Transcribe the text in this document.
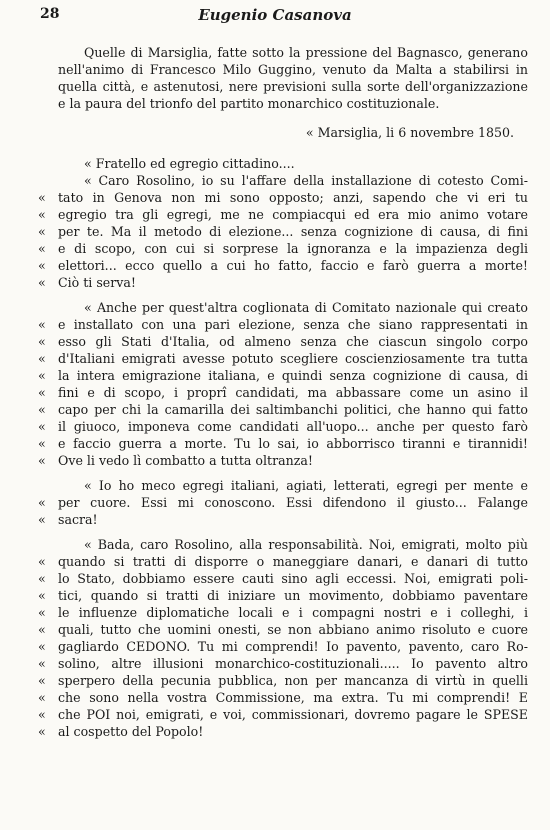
28	Eugenio Casanova
Quelle di Marsiglia, fatte sotto la pressione del Bagnasco, generano
nell'animo di Francesco Milo Guggino, venuto da Malta a stabilirsi in
quella città, e astenutosi, nere previsioni sulla sorte dell'organizzazione
e la paura del trionfo del partito monarchico costituzionale.
« Marsiglia, li 6 novembre 1850.
« Fratello ed egregio cittadino....
« Caro Rosolino, io su l'affare della installazione di cotesto Comi-
« tato in Genova non mi sono opposto; anzi, sapendo che vi eri tu
« egregio tra gli egregi, me ne compiacqui ed era mio animo votare
« per te. Ma il metodo di elezione... senza cognizione di causa, di fini
« e di scopo, con cui si sorprese la ignoranza e la impazienza degli
« elettori... ecco quello a cui ho fatto, faccio e farò guerra a morte!
« Ciò ti serva!
« Anche per quest'altra coglionata di Comitato nazionale qui creato
« e installato con una pari elezione, senza che siano rappresentati in
« esso gli Stati d'Italia, od almeno senza che ciascun singolo corpo
« d'Italiani emigrati avesse potuto scegliere coscienziosamente tra tutta
« la intera emigrazione italiana, e quindi senza cognizione di causa, di
« fini e di scopo, i proprî candidati, ma abbassare come un asino il
« capo per chi la camarilla dei saltimbanchi politici, che hanno qui fatto
« il giuoco, imponeva come candidati all'uopo... anche per questo farò
« e faccio guerra a morte. Tu lo sai, io abborrisco tiranni e tirannidi!
« Ove li vedo lì combatto a tutta oltranza!
« Io ho meco egregi italiani, agiati, letterati, egregi per mente e
« per cuore. Essi mi conoscono. Essi difendono il giusto... Falange
« sacra!
« Bada, caro Rosolino, alla responsabilità. Noi, emigrati, molto più
« quando si tratti di disporre o maneggiare danari, e danari di tutto
« lo Stato, dobbiamo essere cauti sino agli eccessi. Noi, emigrati poli-
« tici, quando si tratti di iniziare un movimento, dobbiamo paventare
« le influenze diplomatiche locali e i compagni nostri e i colleghi, i
« quali, tutto che uomini onesti, se non abbiano animo risoluto e cuore
« gagliardo CEDONO. Tu mi comprendi! Io pavento, pavento, caro Ro-
« solino, altre illusioni monarchico-costituzionali..... Io pavento altro
« sperpero della pecunia pubblica, non per mancanza di virtù in quelli
« che sono nella vostra Commissione, ma extra. Tu mi comprendi! E
« che POI noi, emigrati, e voi, commissionari, dovremo pagare le SPESE
« al cospetto del Popolo!
